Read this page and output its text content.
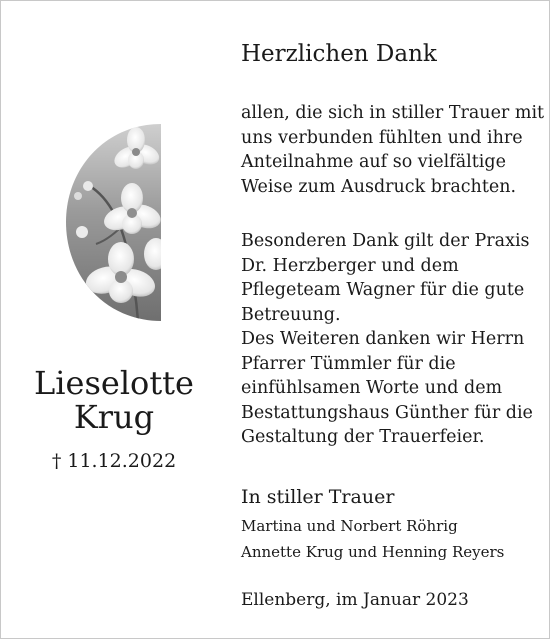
Lieselotte
Krug
† 11.12.2022
Herzlichen Dank
allen, die sich in stiller Trauer mit
uns verbunden fühlten und ihre
Anteilnahme auf so vielfältige
Weise zum Ausdruck brachten.
Besonderen Dank gilt der Praxis
Dr. Herzberger und dem
Pflegeteam Wagner für die gute
Betreuung.
Des Weiteren danken wir Herrn
Pfarrer Tümmler für die
einfühlsamen Worte und dem
Bestattungshaus Günther für die
Gestaltung der Trauerfeier.
In stiller Trauer
Martina und Norbert Röhrig
Annette Krug und Henning Reyers
Ellenberg, im Januar 2023
